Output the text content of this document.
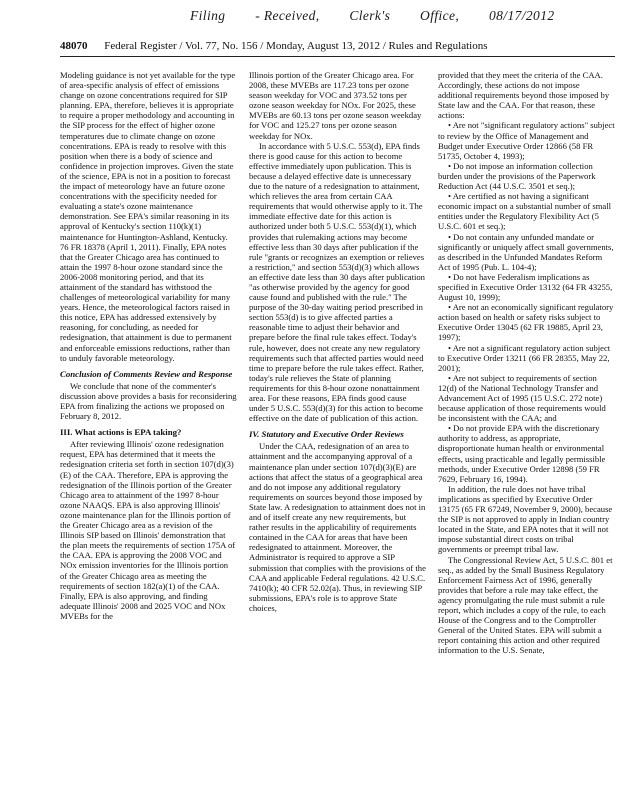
Filing - Received, Clerk's Office, 08/17/2012
48070 Federal Register / Vol. 77, No. 156 / Monday, August 13, 2012 / Rules and Regulations

Modeling guidance is not yet available for the type of area-specific analysis of effect of emissions change on ozone concentrations required for SIP planning. EPA, therefore, believes it is appropriate to require a proper methodology and accounting in the SIP process for the effect of higher ozone temperatures due to climate change on ozone concentrations. EPA is ready to resolve with this position when there is a body of science and confidence in projection improves. Given the state of the science, EPA is not in a position to forecast the impact of meteorology have an future ozone concentrations with the specificity needed for evaluating a state's ozone maintenance demonstration. See EPA's similar reasoning in its approval of Kentucky's section 110(k)(1) maintenance for Huntington-Ashland, Kentucky. 76 FR 18378 (April 1, 2011). Finally, EPA notes that the Greater Chicago area has continued to attain the 1997 8-hour ozone standard since the 2006-2008 monitoring period, and that its attainment of the standard has withstood the challenges of meteorological variability for many years. Hence, the meteorological factors raised in this notice, EPA has addressed extensively by reasoning, for concluding, as needed for redesignation, that attainment is due to permanent and enforceable emissions reductions, rather than to unduly favorable meteorology.

Conclusion of Comments Review and Response

We conclude that none of the commenter's discussion above provides a basis for reconsidering EPA from finalizing the actions we proposed on February 8, 2012.

III. What actions is EPA taking?

After reviewing Illinois' ozone redesignation request, EPA has determined that it meets the redesignation criteria set forth in section 107(d)(3)(E) of the CAA. Therefore, EPA is approving the redesignation of the Illinois portion of the Greater Chicago area to attainment of the 1997 8-hour ozone NAAQS. EPA is also approving Illinois' ozone maintenance plan for the Illinois portion of the Greater Chicago area as a revision of the Illinois SIP based on Illinois' demonstration that the plan meets the requirements of section 175A of the CAA. EPA is approving the 2008 VOC and NOx emission inventories for the Illinois portion of the Greater Chicago area as meeting the requirements of section 182(a)(1) of the CAA. Finally, EPA is also approving, and finding adequate Illinois' 2008 and 2025 VOC and NOx MVEBs for the

Illinois portion of the Greater Chicago area. For 2008, these MVEBs are 117.23 tons per ozone season weekday for VOC and 373.52 tons per ozone season weekday for NOx. For 2025, these MVEBs are 60.13 tons per ozone season weekday for VOC and 125.27 tons per ozone season weekday for NOx.

In accordance with 5 U.S.C. 553(d), EPA finds there is good cause for this action to become effective immediately upon publication. This is because a delayed effective date is unnecessary due to the nature of a redesignation to attainment, which relieves the area from certain CAA requirements that would otherwise apply to it. The immediate effective date for this action is authorized under both 5 U.S.C. 553(d)(1), which provides that rulemaking actions may become effective less than 30 days after publication if the rule "grants or recognizes an exemption or relieves a restriction," and section 553(d)(3) which allows an effective date less than 30 days after publication "as otherwise provided by the agency for good cause found and published with the rule." The purpose of the 30-day waiting period prescribed in section 553(d) is to give affected parties a reasonable time to adjust their behavior and prepare before the final rule takes effect. Today's rule, however, does not create any new regulatory requirements such that affected parties would need time to prepare before the rule takes effect. Rather, today's rule relieves the State of planning requirements for this 8-hour ozone nonattainment area. For these reasons, EPA finds good cause under 5 U.S.C. 553(d)(3) for this action to become effective on the date of publication of this action.

IV. Statutory and Executive Order Reviews

Under the CAA, redesignation of an area to attainment and the accompanying approval of a maintenance plan under section 107(d)(3)(E) are actions that affect the status of a geographical area and do not impose any additional regulatory requirements on sources beyond those imposed by State law. A redesignation to attainment does not in and of itself create any new requirements, but rather results in the applicability of requirements contained in the CAA for areas that have been redesignated to attainment. Moreover, the Administrator is required to approve a SIP submission that complies with the provisions of the CAA and applicable Federal regulations. 42 U.S.C. 7410(k); 40 CFR 52.02(a). Thus, in reviewing SIP submissions, EPA's role is to approve State choices,

provided that they meet the criteria of the CAA. Accordingly, these actions do not impose additional requirements beyond those imposed by State law and the CAA. For that reason, these actions:

• Are not "significant regulatory actions" subject to review by the Office of Management and Budget under Executive Order 12866 (58 FR 51735, October 4, 1993);

• Do not impose an information collection burden under the provisions of the Paperwork Reduction Act (44 U.S.C. 3501 et seq.);

• Are certified as not having a significant economic impact on a substantial number of small entities under the Regulatory Flexibility Act (5 U.S.C. 601 et seq.);

• Do not contain any unfunded mandate or significantly or uniquely affect small governments, as described in the Unfunded Mandates Reform Act of 1995 (Pub. L. 104-4);

• Do not have Federalism implications as specified in Executive Order 13132 (64 FR 43255, August 10, 1999);

• Are not an economically significant regulatory action based on health or safety risks subject to Executive Order 13045 (62 FR 19885, April 23, 1997);

• Are not a significant regulatory action subject to Executive Order 13211 (66 FR 28355, May 22, 2001);

• Are not subject to requirements of section 12(d) of the National Technology Transfer and Advancement Act of 1995 (15 U.S.C. 272 note) because application of those requirements would be inconsistent with the CAA; and

• Do not provide EPA with the discretionary authority to address, as appropriate, disproportionate human health or environmental effects, using practicable and legally permissible methods, under Executive Order 12898 (59 FR 7629, February 16, 1994).

In addition, the rule does not have tribal implications as specified by Executive Order 13175 (65 FR 67249, November 9, 2000), because the SIP is not approved to apply in Indian country located in the State, and EPA notes that it will not impose substantial direct costs on tribal governments or preempt tribal law.

The Congressional Review Act, 5 U.S.C. 801 et seq., as added by the Small Business Regulatory Enforcement Fairness Act of 1996, generally provides that before a rule may take effect, the agency promulgating the rule must submit a rule report, which includes a copy of the rule, to each House of the Congress and to the Comptroller General of the United States. EPA will submit a report containing this action and other required information to the U.S. Senate,
